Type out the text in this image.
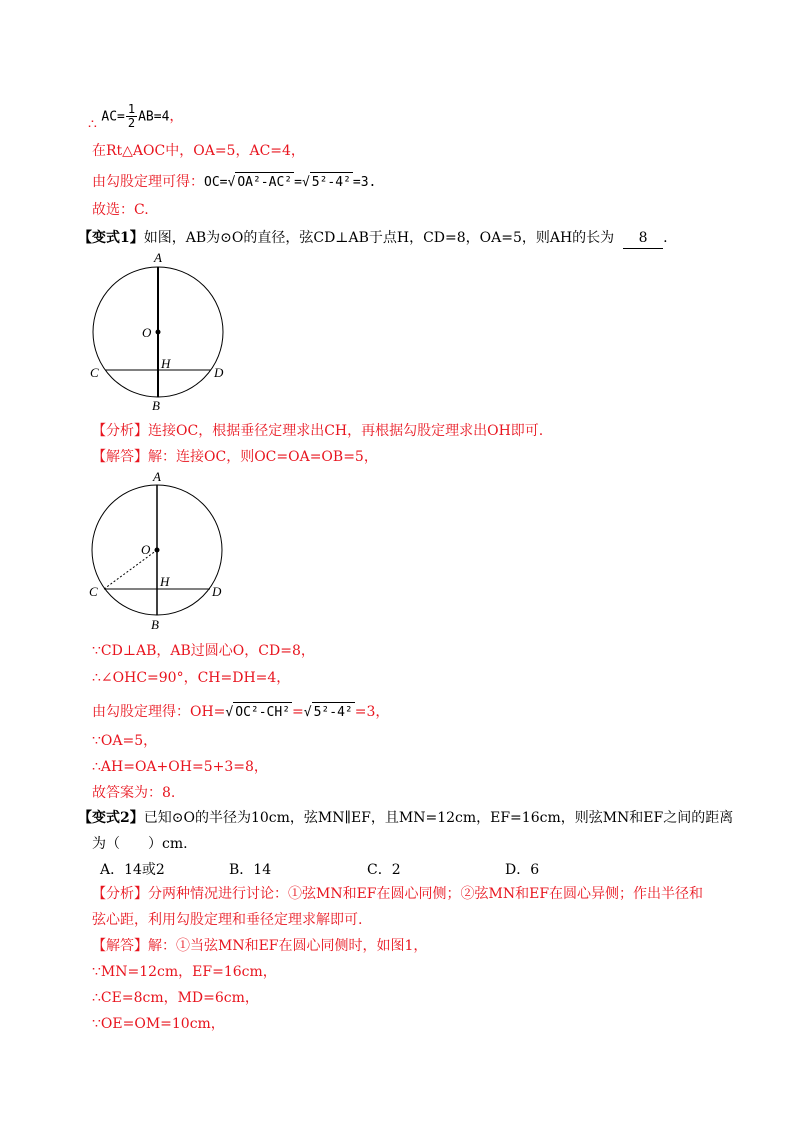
∴ $AC= \frac{1}{2} AB=4$，
在Rt△AOC中，OA=5，AC=4，
由勾股定理可得：OC=√ OA²-AC² =√ 5²-4² =3.
故选：C.
【变式1】如图，AB为⊙O的直径，弦CD⊥AB于点H，CD=8，OA=5，则AH的长为 8 .
A
O
H
C	D
B
【分析】连接OC，根据垂径定理求出CH，再根据勾股定理求出OH即可.
【解答】解：连接OC，则OC=OA=OB=5，
A
O
H
C	D
B
∵CD⊥AB，AB过圆心O，CD=8，
∴∠OHC=90°，CH=DH=4，
由勾股定理得：OH=√ OC²-CH² =√ 5²-4² =3，
∵OA=5，
∴AH=OA+OH=5+3=8，
故答案为：8.
【变式2】已知⊙O的半径为10cm，弦MN∥EF，且MN=12cm，EF=16cm，则弦MN和EF之间的距离
为（　　）cm.
A．14或2	B．14	C．2	D．6
【分析】分两种情况进行讨论：①弦MN和EF在圆心同侧；②弦MN和EF在圆心异侧；作出半径和
弦心距，利用勾股定理和垂径定理求解即可.
【解答】解：①当弦MN和EF在圆心同侧时，如图1，
∵MN=12cm，EF=16cm，
∴CE=8cm，MD=6cm，
∵OE=OM=10cm，
